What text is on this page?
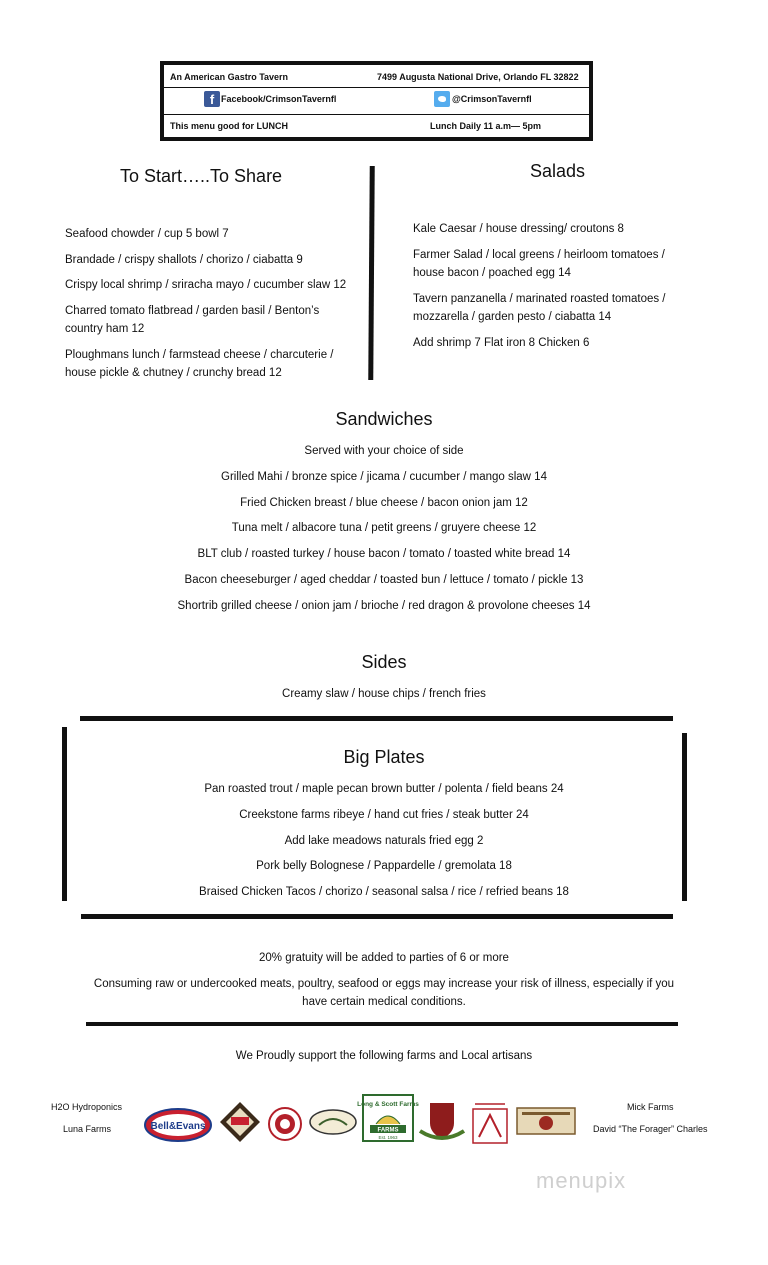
An American Gastro Tavern	7499 Augusta National Drive, Orlando FL 32822
f Facebook/CrimsonTavernfl	@CrimsonTavernfl
This menu good for LUNCH	Lunch Daily 11 a.m— 5pm
To Start…..To Share
Seafood chowder / cup 5 bowl 7
Brandade / crispy shallots / chorizo / ciabatta 9
Crispy local shrimp / sriracha mayo / cucumber slaw 12
Charred tomato flatbread / garden basil / Benton’s
country ham 12
Ploughmans lunch / farmstead cheese / charcuterie /
house pickle & chutney / crunchy bread 12
Salads
Kale Caesar / house dressing/ croutons 8
Farmer Salad / local greens / heirloom tomatoes /
house bacon / poached egg 14
Tavern panzanella / marinated roasted tomatoes /
mozzarella / garden pesto / ciabatta 14
Add shrimp 7 Flat iron 8 Chicken 6
Sandwiches
Served with your choice of side
Grilled Mahi / bronze spice / jicama / cucumber / mango slaw 14
Fried Chicken breast / blue cheese / bacon onion jam 12
Tuna melt / albacore tuna / petit greens / gruyere cheese 12
BLT club / roasted turkey / house bacon / tomato / toasted white bread 14
Bacon cheeseburger / aged cheddar / toasted bun / lettuce / tomato / pickle 13
Shortrib grilled cheese / onion jam / brioche / red dragon & provolone cheeses 14
Sides
Creamy slaw / house chips / french fries
Big Plates
Pan roasted trout / maple pecan brown butter / polenta / field beans 24
Creekstone farms ribeye / hand cut fries / steak butter 24
Add lake meadows naturals fried egg 2
Pork belly Bolognese / Pappardelle / gremolata 18
Braised Chicken Tacos / chorizo / seasonal salsa / rice / refried beans 18
20% gratuity will be added to parties of 6 or more
Consuming raw or undercooked meats, poultry, seafood or eggs may increase your risk of illness, especially if you
have certain medical conditions.
We Proudly support the following farms and Local artisans
H2O Hydroponics
Luna Farms
Mick Farms
David “The Forager” Charles
Bell&Evans
Long & Scott Farms
FARMS
Est. 1963
menupix
